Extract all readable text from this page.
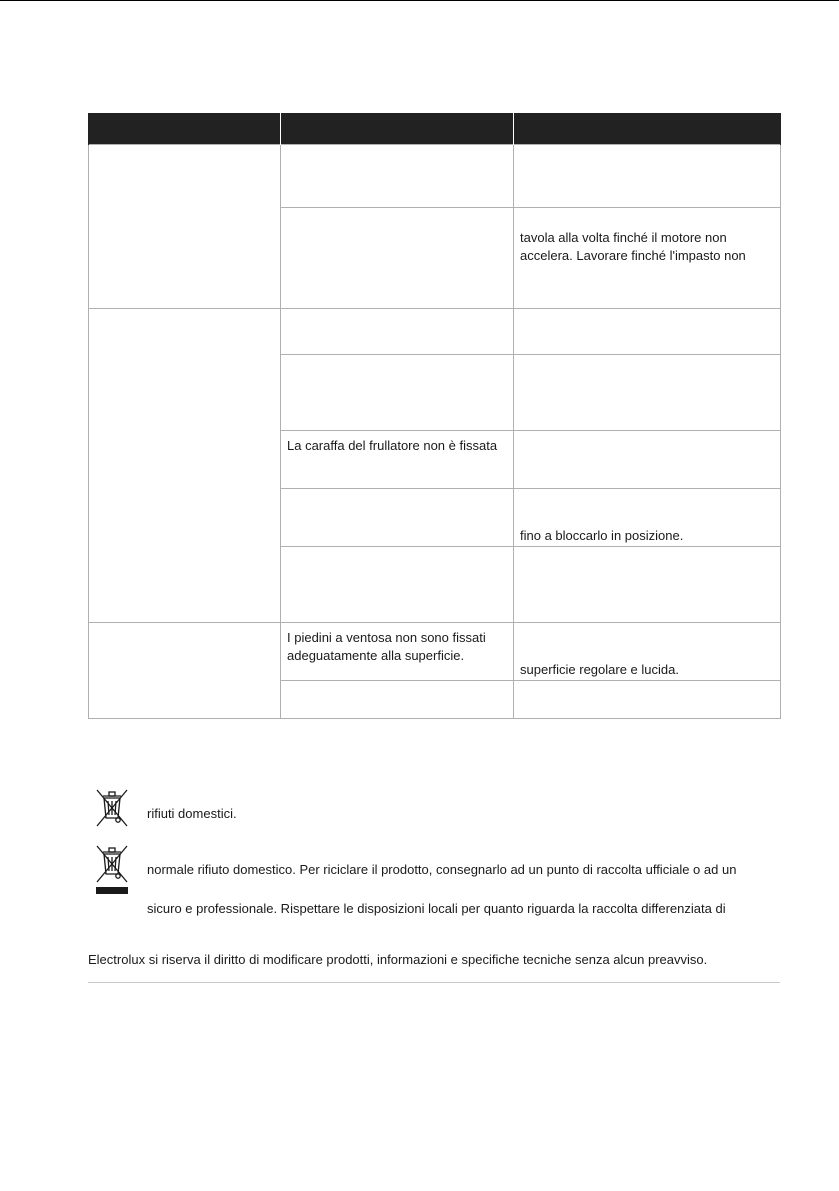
		tavola alla volta finché il motore non
accelera. Lavorare finché l'impasto non

	La caraffa del frullatore non è fissata	

		fino a bloccarlo in posizione.

	I piedini a ventosa non sono fissati
adeguatamente alla superficie.	superficie regolare e lucida.

rifiuti domestici.
normale rifiuto domestico. Per riciclare il prodotto, consegnarlo ad un punto di raccolta ufficiale o ad un
sicuro e professionale. Rispettare le disposizioni locali per quanto riguarda la raccolta differenziata di
Electrolux si riserva il diritto di modificare prodotti, informazioni e specifiche tecniche senza alcun preavviso.
